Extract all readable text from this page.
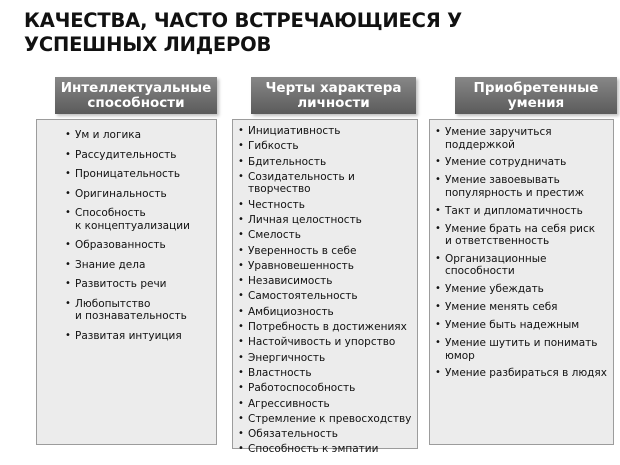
КАЧЕСТВА, ЧАСТО ВСТРЕЧАЮЩИЕСЯ У
УСПЕШНЫХ ЛИДЕРОВ
Интеллектуальные
способности
Черты характера
личности
Приобретенные
умения
• Ум и логика
• Рассудительность
• Проницательность
• Оригинальность
• Способность
к концептуализации
• Образованность
• Знание дела
• Развитость речи
• Любопытство
и познавательность
• Развитая интуиция
• Инициативность
• Гибкость
• Бдительность
• Созидательность и творчество
• Честность
• Личная целостность
• Смелость
• Уверенность в себе
• Уравновешенность
• Независимость
• Самостоятельность
• Амбициозность
• Потребность в достижениях
• Настойчивость и упорство
• Энергичность
• Властность
• Работоспособность
• Агрессивность
• Стремление к превосходству
• Обязательность
• Способность к эмпатии
• Умение заручиться
поддержкой
• Умение сотрудничать
• Умение завоевывать
популярность и престиж
• Такт и дипломатичность
• Умение брать на себя риск
и ответственность
• Организационные
способности
• Умение убеждать
• Умение менять себя
• Умение быть надежным
• Умение шутить и понимать
юмор
• Умение разбираться в людях
